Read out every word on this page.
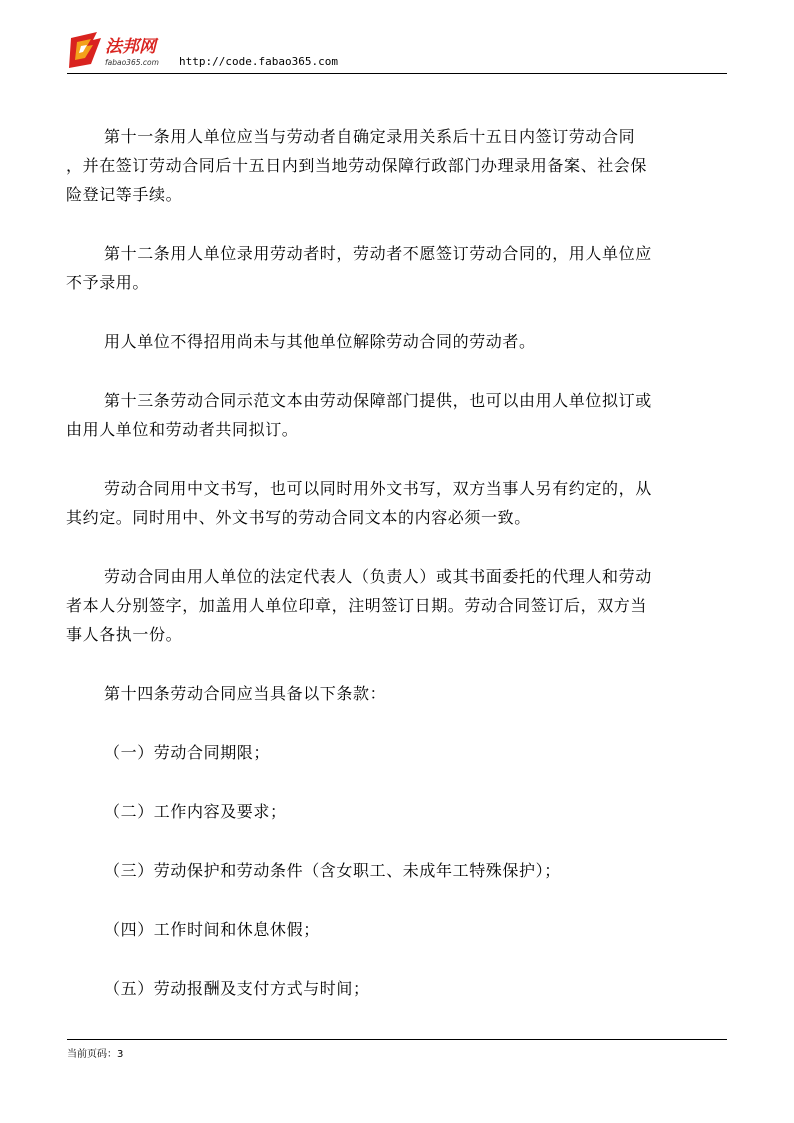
法邦网
fabao365.com http://code.fabao365.com
第十一条用人单位应当与劳动者自确定录用关系后十五日内签订劳动合同
，并在签订劳动合同后十五日内到当地劳动保障行政部门办理录用备案、社会保
险登记等手续。
第十二条用人单位录用劳动者时，劳动者不愿签订劳动合同的，用人单位应
不予录用。
用人单位不得招用尚未与其他单位解除劳动合同的劳动者。
第十三条劳动合同示范文本由劳动保障部门提供，也可以由用人单位拟订或
由用人单位和劳动者共同拟订。
劳动合同用中文书写，也可以同时用外文书写，双方当事人另有约定的，从
其约定。同时用中、外文书写的劳动合同文本的内容必须一致。
劳动合同由用人单位的法定代表人（负责人）或其书面委托的代理人和劳动
者本人分别签字，加盖用人单位印章，注明签订日期。劳动合同签订后，双方当
事人各执一份。
第十四条劳动合同应当具备以下条款：
（一）劳动合同期限；
（二）工作内容及要求；
（三）劳动保护和劳动条件（含女职工、未成年工特殊保护）；
（四）工作时间和休息休假；
（五）劳动报酬及支付方式与时间；
当前页码：3
